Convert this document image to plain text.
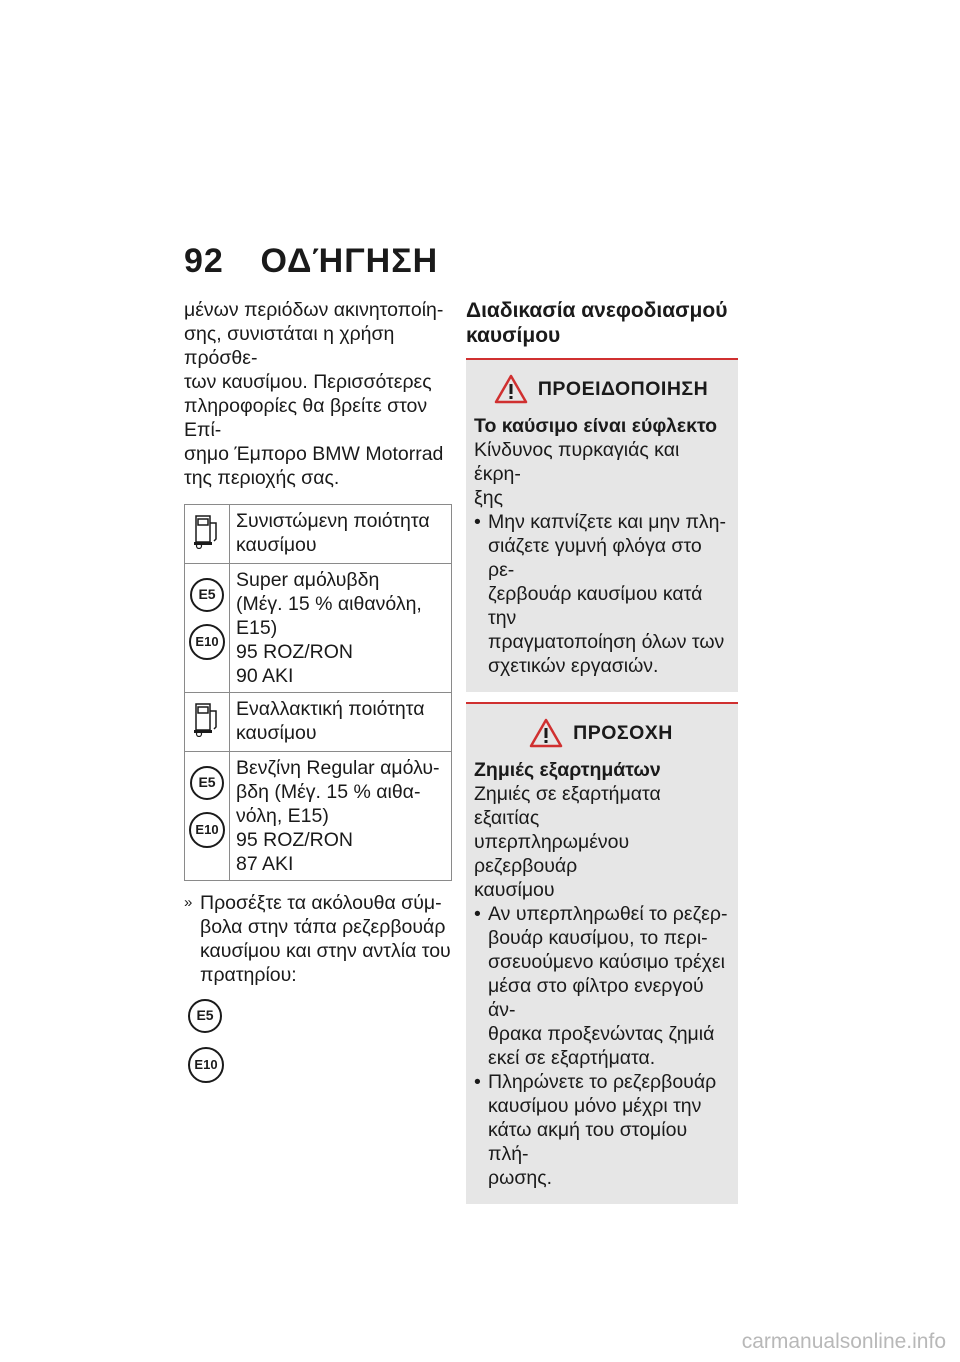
92 ΟΔΉΓΗΣΗ

μένων περιόδων ακινητοποίη-
σης, συνιστάται η χρήση πρόσθε-
των καυσίμου. Περισσότερες
πληροφορίες θα βρείτε στον Επί-
σημο Έμπορο BMW Motorrad
της περιοχής σας.

	Συνιστώμενη ποιότητα
καυσίμου
E5
E10	Super αμόλυβδη
(Μέγ. 15 % αιθανόλη,
E15)
95 ROZ/RON
90 AKI
	Εναλλακτική ποιότητα
καυσίμου
E5
E10	Βενζίνη Regular αμόλυ-
βδη (Μέγ. 15 % αιθα-
νόλη, E15)
95 ROZ/RON
87 AKI
» Προσέξτε τα ακόλουθα σύμ-
βολα στην τάπα ρεζερβουάρ
καυσίμου και στην αντλία του
πρατηρίου:
E5
E10

Διαδικασία ανεφοδιασμού
καυσίμου

ΠΡΟΕΙΔΟΠΟΙΗΣΗ

Το καύσιμο είναι εύφλεκτο

Κίνδυνος πυρκαγιάς και έκρη-
ξης

• Μην καπνίζετε και μην πλη-
σιάζετε γυμνή φλόγα στο ρε-
ζερβουάρ καυσίμου κατά την
πραγματοποίηση όλων των
σχετικών εργασιών.
ΠΡΟΣΟΧΗ

Ζημιές εξαρτημάτων

Ζημιές σε εξαρτήματα εξαιτίας
υπερπληρωμένου ρεζερβουάρ
καυσίμου

• Αν υπερπληρωθεί το ρεζερ-
βουάρ καυσίμου, το περι-
σσευούμενο καύσιμο τρέχει
μέσα στο φίλτρο ενεργού άν-
θρακα προξενώντας ζημιά
εκεί σε εξαρτήματα.
• Πληρώνετε το ρεζερβουάρ
καυσίμου μόνο μέχρι την
κάτω ακμή του στομίου πλή-
ρωσης.
carmanualsonline.info
